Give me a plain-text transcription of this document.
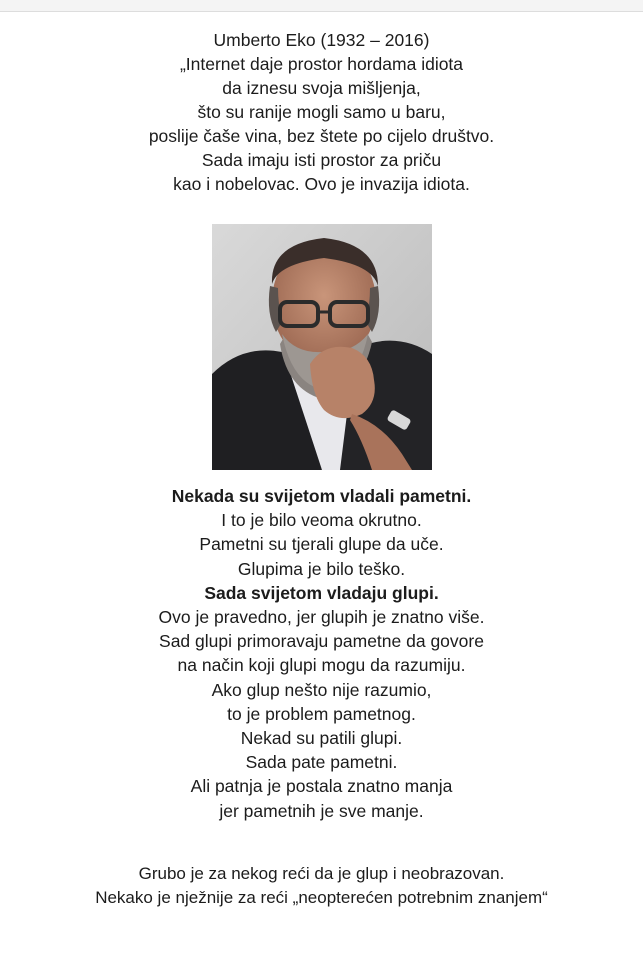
Umberto Eko (1932 – 2016)
„Internet daje prostor hordama idiota
da iznesu svoja mišljenja,
što su ranije mogli samo u baru,
poslije čaše vina, bez štete po cijelo društvo.
Sada imaju isti prostor za priču
kao i nobelovac. Ovo je invazija idiota.
Nekada su svijetom vladali pametni.
I to je bilo veoma okrutno.
Pametni su tjerali glupe da uče.
Glupima je bilo teško.
Sada svijetom vladaju glupi.
Ovo je pravedno, jer glupih je znatno više.
Sad glupi primoravaju pametne da govore
na način koji glupi mogu da razumiju.
Ako glup nešto nije razumio,
to je problem pametnog.
Nekad su patili glupi.
Sada pate pametni.
Ali patnja je postala znatno manja
jer pametnih je sve manje.
Grubo je za nekog reći da je glup i neobrazovan.
Nekako je nježnije za reći „neopterećen potrebnim znanjem“
